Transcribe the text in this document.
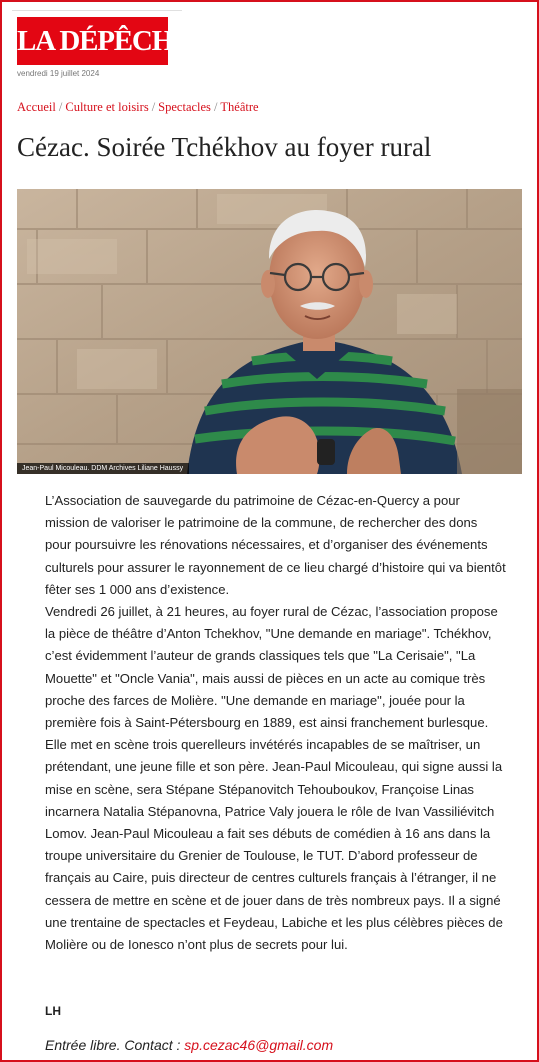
LA DÉPÊCHE
vendredi 19 juillet 2024
Accueil / Culture et loisirs / Spectacles / Théâtre
Cézac. Soirée Tchékhov au foyer rural
Jean-Paul Micouleau. DDM Archives Liliane Haussy

L’Association de sauvegarde du patrimoine de Cézac-en-Quercy a pour mission de valoriser le patrimoine de la commune, de rechercher des dons pour poursuivre les rénovations nécessaires, et d’organiser des événements culturels pour assurer le rayonnement de ce lieu chargé d’histoire qui va bientôt fêter ses 1 000 ans d’existence.

Vendredi 26 juillet, à 21 heures, au foyer rural de Cézac, l’association propose la pièce de théâtre d’Anton Tchekhov, "Une demande en mariage". Tchékhov, c’est évidemment l’auteur de grands classiques tels que "La Cerisaie", "La Mouette" et "Oncle Vania", mais aussi de pièces en un acte au comique très proche des farces de Molière. "Une demande en mariage", jouée pour la première fois à Saint-Pétersbourg en 1889, est ainsi franchement burlesque. Elle met en scène trois querelleurs invétérés incapables de se maîtriser, un prétendant, une jeune fille et son père. Jean-Paul Micouleau, qui signe aussi la mise en scène, sera Stépane Stépanovitch Tehouboukov, Françoise Linas incarnera Natalia Stépanovna, Patrice Valy jouera le rôle de Ivan Vassiliévitch Lomov. Jean-Paul Micouleau a fait ses débuts de comédien à 16 ans dans la troupe universitaire du Grenier de Toulouse, le TUT. D’abord professeur de français au Caire, puis directeur de centres culturels français à l’étranger, il ne cessera de mettre en scène et de jouer dans de très nombreux pays. Il a signé une trentaine de spectacles et Feydeau, Labiche et les plus célèbres pièces de Molière ou de Ionesco n’ont plus de secrets pour lui.

LH
Entrée libre. Contact : sp.cezac46@gmail.com
